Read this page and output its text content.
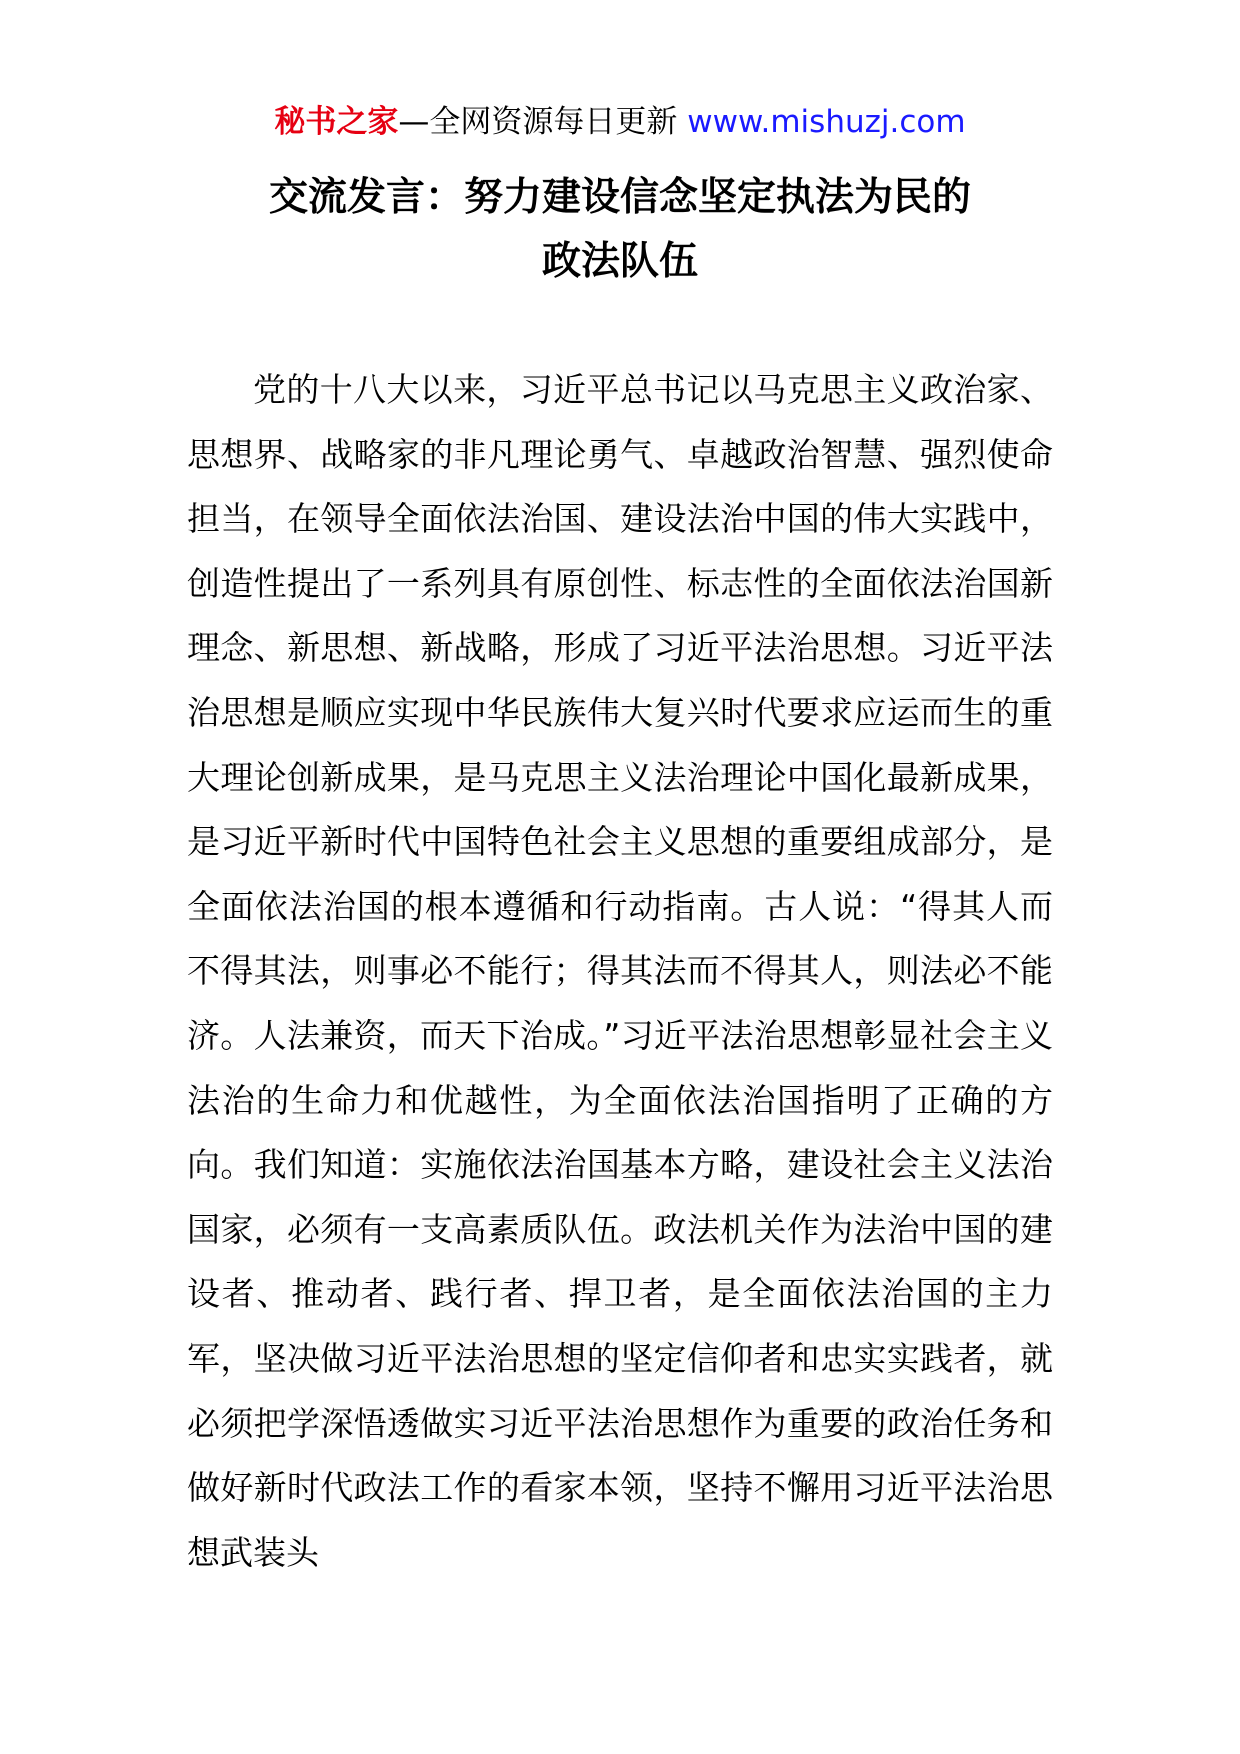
秘书之家—全网资源每日更新 www.mishuzj.com
交流发言：努力建设信念坚定执法为民的
政法队伍

党的十八大以来，习近平总书记以马克思主义政治家、思想界、战略家的非凡理论勇气、卓越政治智慧、强烈使命担当，在领导全面依法治国、建设法治中国的伟大实践中，创造性提出了一系列具有原创性、标志性的全面依法治国新理念、新思想、新战略，形成了习近平法治思想。习近平法治思想是顺应实现中华民族伟大复兴时代要求应运而生的重大理论创新成果，是马克思主义法治理论中国化最新成果，是习近平新时代中国特色社会主义思想的重要组成部分，是全面依法治国的根本遵循和行动指南。古人说：“得其人而不得其法，则事必不能行；得其法而不得其人，则法必不能济。人法兼资，而天下治成。”习近平法治思想彰显社会主义法治的生命力和优越性，为全面依法治国指明了正确的方向。我们知道：实施依法治国基本方略，建设社会主义法治国家，必须有一支高素质队伍。政法机关作为法治中国的建设者、推动者、践行者、捍卫者，是全面依法治国的主力军，坚决做习近平法治思想的坚定信仰者和忠实实践者，就必须把学深悟透做实习近平法治思想作为重要的政治任务和做好新时代政法工作的看家本领，坚持不懈用习近平法治思想武装头
